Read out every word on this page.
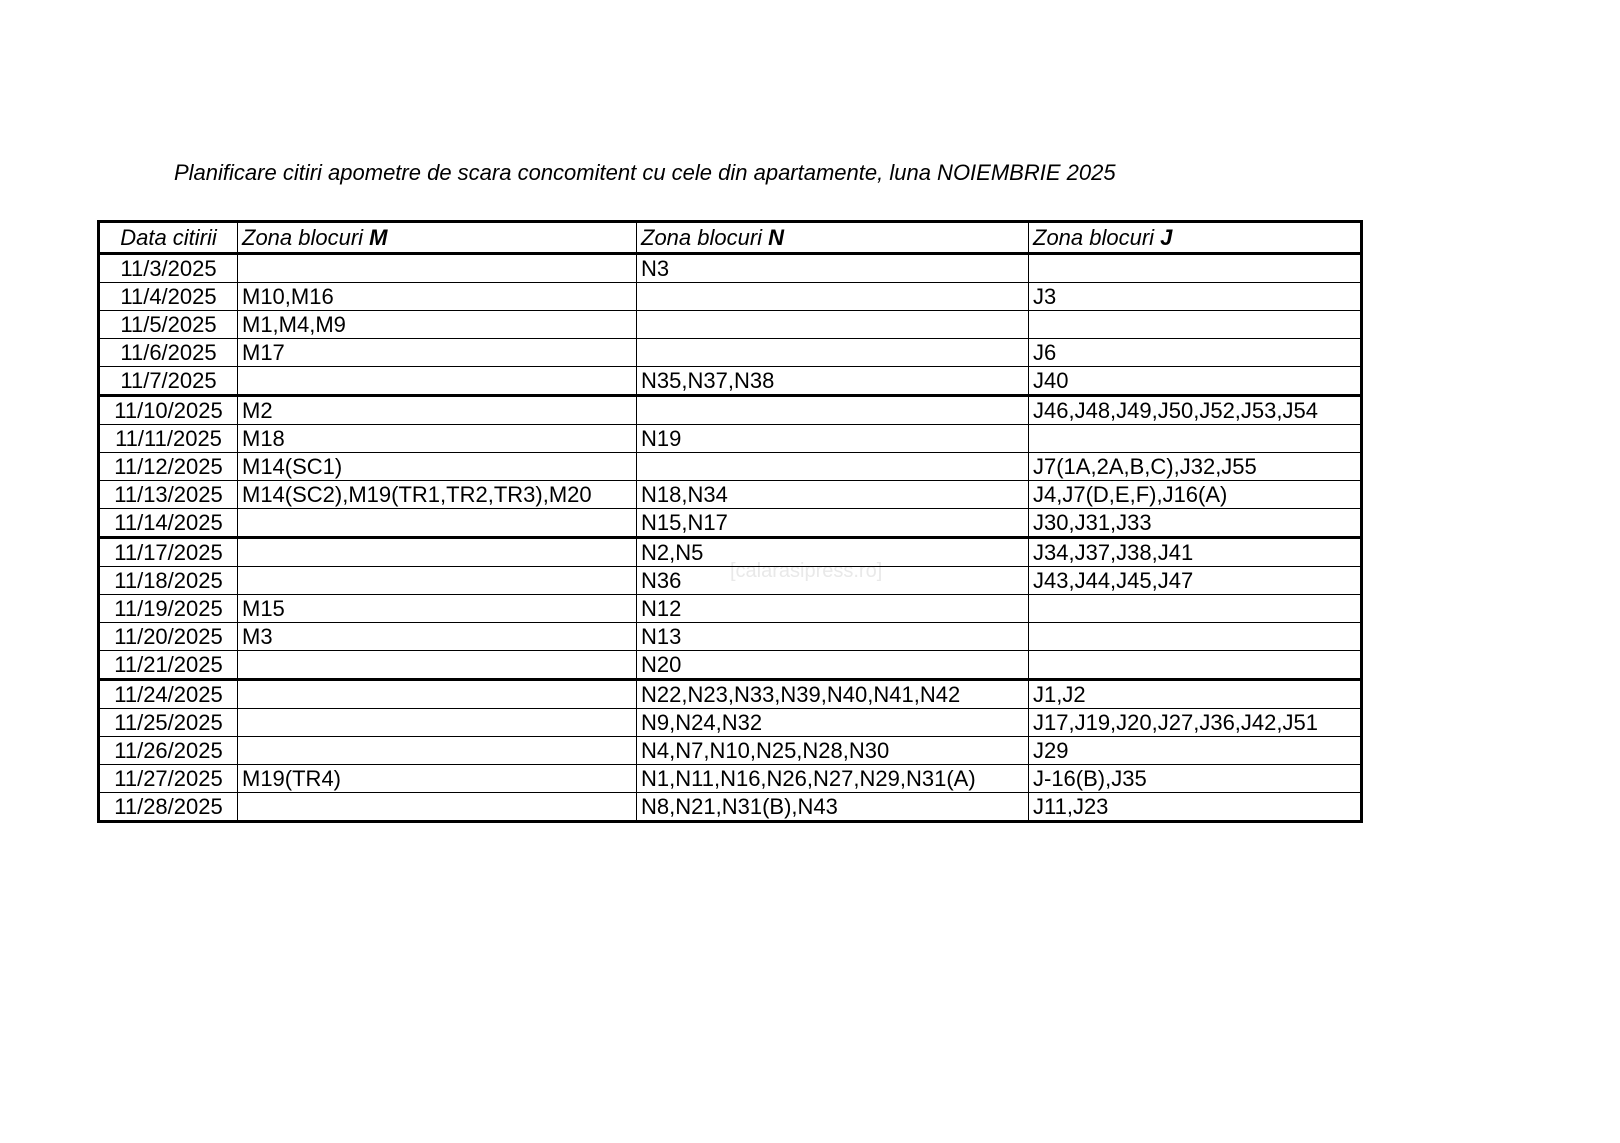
Planificare citiri apometre de scara concomitent cu cele din apartamente, luna NOIEMBRIE 2025
[calarasipress.ro]
Data citirii	Zona blocuri M	Zona blocuri N	Zona blocuri J
11/3/2025		N3	
11/4/2025	M10,M16		J3
11/5/2025	M1,M4,M9		
11/6/2025	M17		J6
11/7/2025		N35,N37,N38	J40
11/10/2025	M2		J46,J48,J49,J50,J52,J53,J54
11/11/2025	M18	N19	
11/12/2025	M14(SC1)		J7(1A,2A,B,C),J32,J55
11/13/2025	M14(SC2),M19(TR1,TR2,TR3),M20	N18,N34	J4,J7(D,E,F),J16(A)
11/14/2025		N15,N17	J30,J31,J33
11/17/2025		N2,N5	J34,J37,J38,J41
11/18/2025		N36	J43,J44,J45,J47
11/19/2025	M15	N12	
11/20/2025	M3	N13	
11/21/2025		N20	
11/24/2025		N22,N23,N33,N39,N40,N41,N42	J1,J2
11/25/2025		N9,N24,N32	J17,J19,J20,J27,J36,J42,J51
11/26/2025		N4,N7,N10,N25,N28,N30	J29
11/27/2025	M19(TR4)	N1,N11,N16,N26,N27,N29,N31(A)	J-16(B),J35
11/28/2025		N8,N21,N31(B),N43	J11,J23
